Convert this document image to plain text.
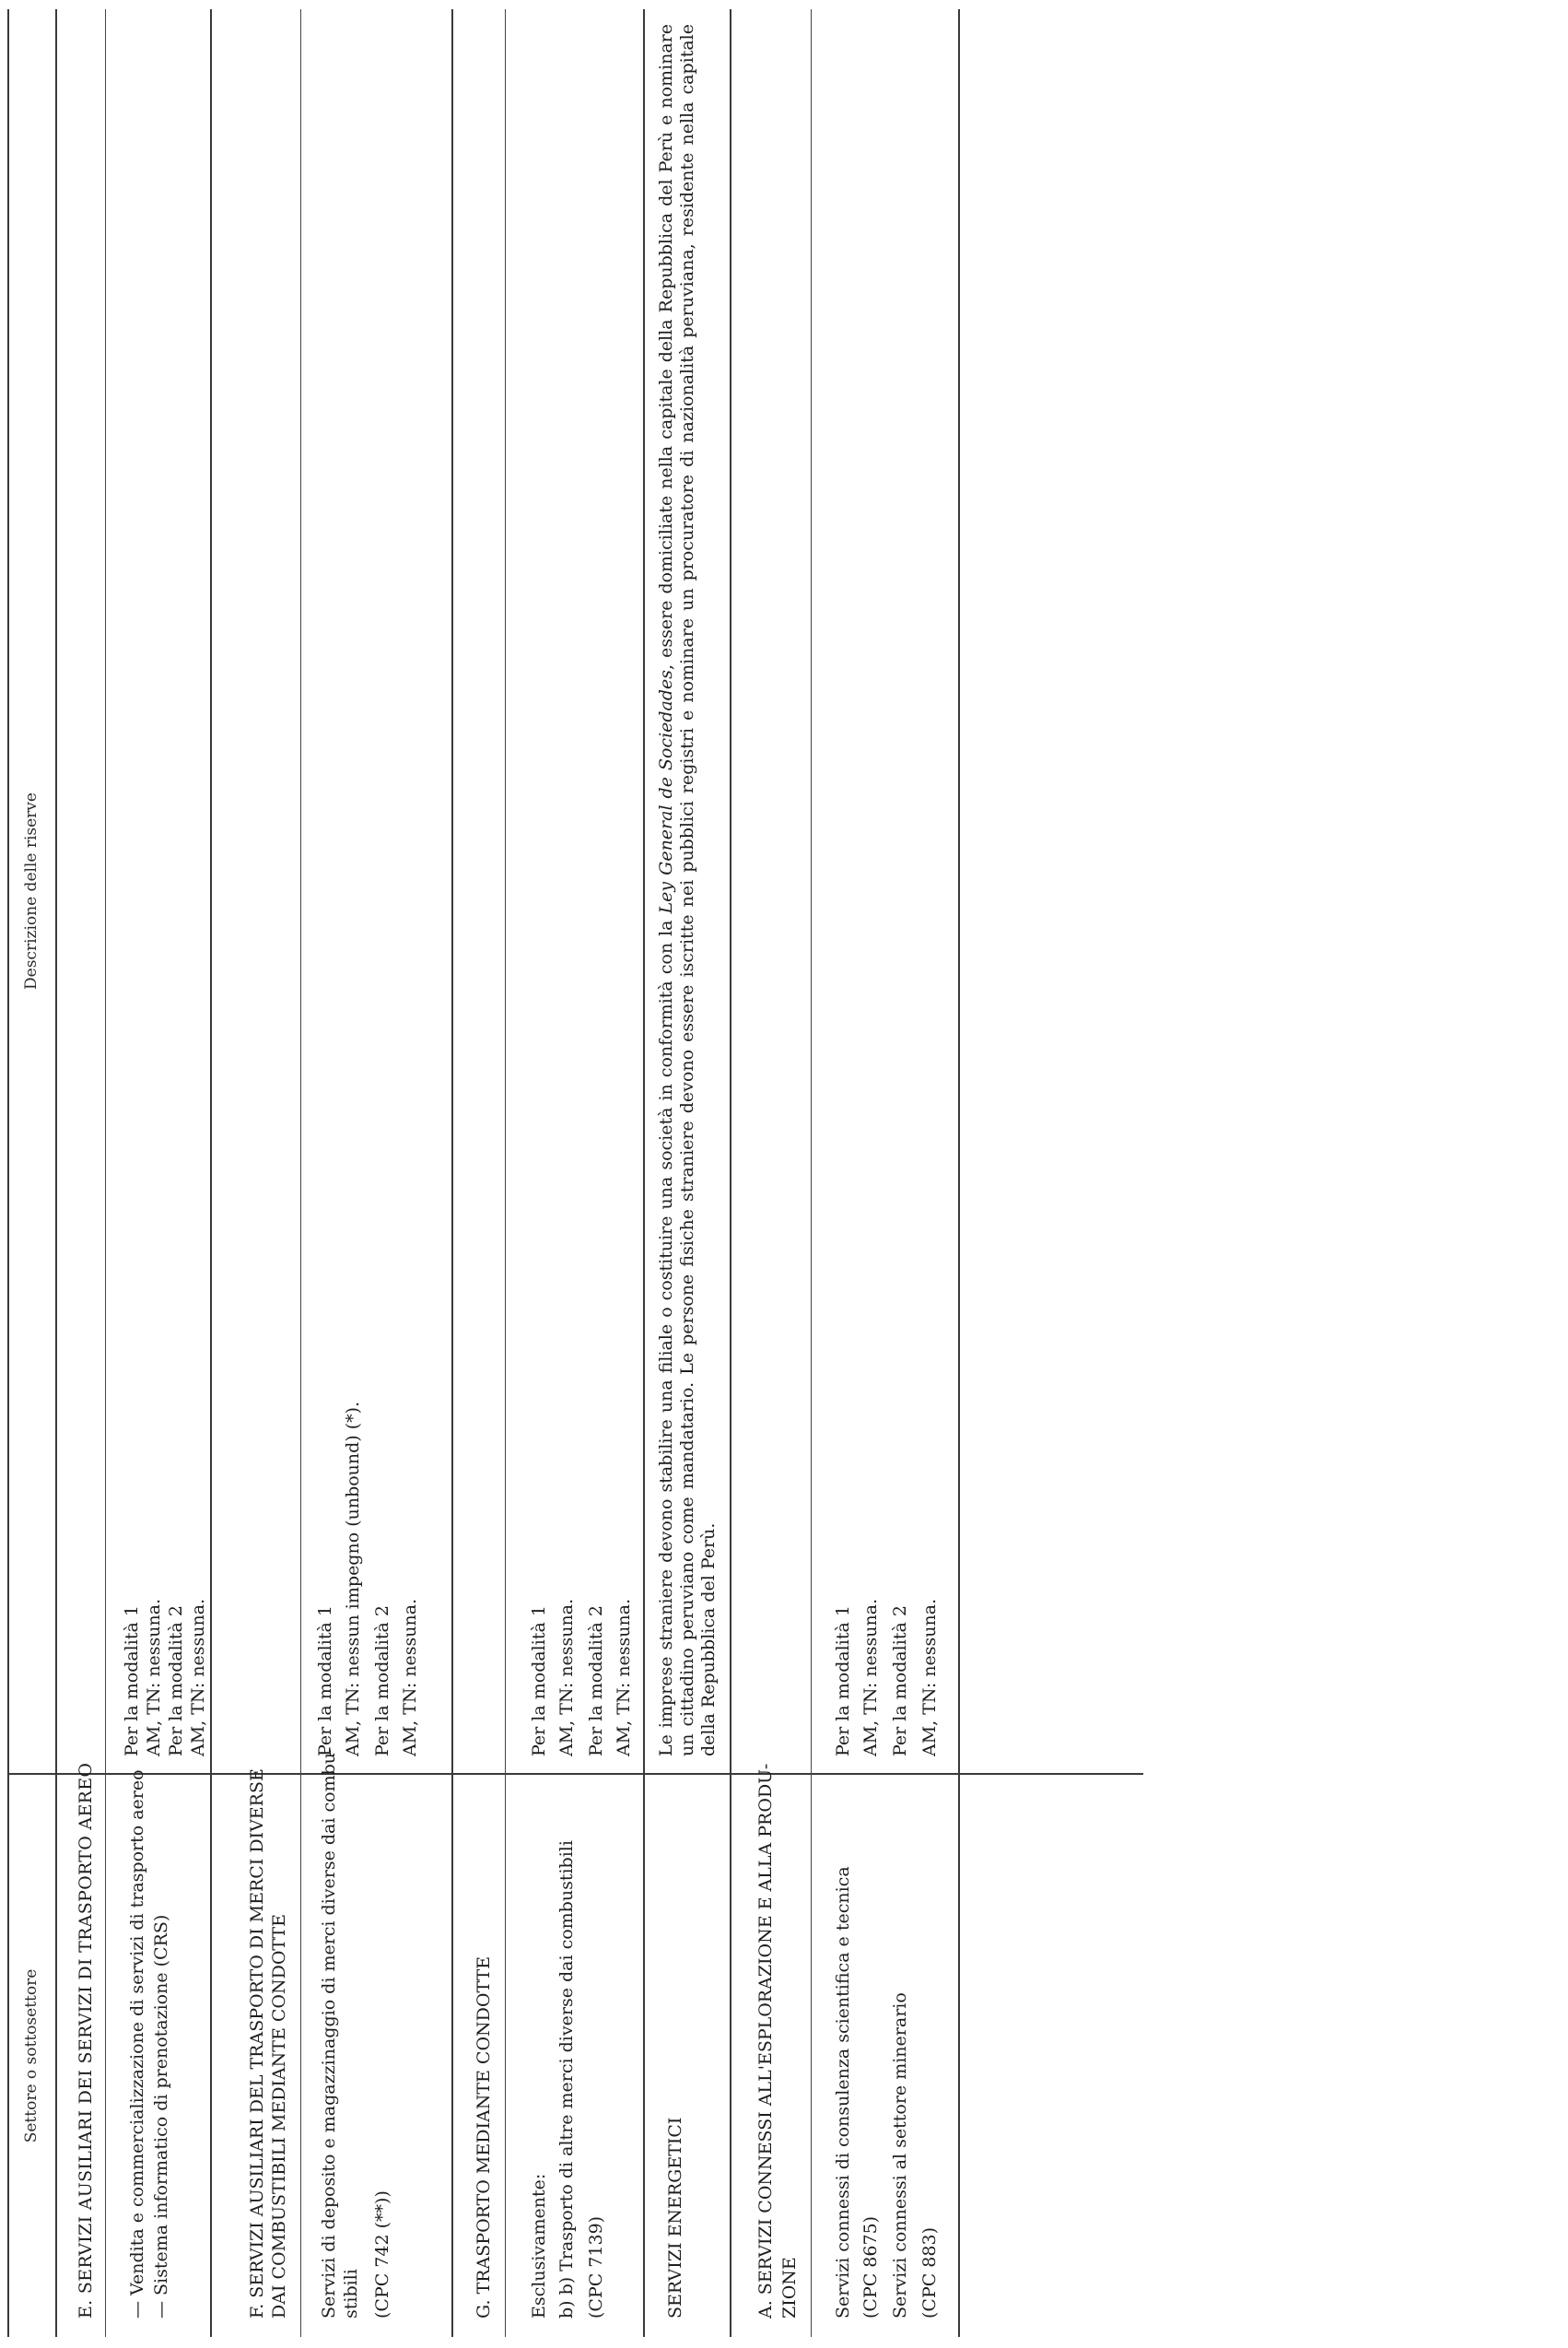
Settore o sottosettore
Descrizione delle riserve
E. SERVIZI AUSILIARI DEI SERVIZI DI TRASPORTO AEREO — Vendita e commercializzazione di servizi di trasporto aereo — Sistema informatico di prenotazione (CRS)
Per la modalità 1 AM, TN: nessuna. Per la modalità 2 AM, TN: nessuna.
F. SERVIZI AUSILIARI DEL TRASPORTO DI MERCI DIVERSE DAI COMBUSTIBILI MEDIANTE CONDOTTE Servizi di deposito e magazzinaggio di merci diverse dai combu- stibili (CPC 742 (**))
Per la modalità 1 AM, TN: nessun impegno (unbound) (*). Per la modalità 2 AM, TN: nessuna.
G. TRASPORTO MEDIANTE CONDOTTE Esclusivamente: b) b) Trasporto di altre merci diverse dai combustibili (CPC 7139)
Per la modalità 1 AM, TN: nessuna. Per la modalità 2 AM, TN: nessuna.
SERVIZI ENERGETICI
Le imprese straniere devono stabilire una filiale o costituire una società in conformità con la Ley General de Sociedades, essere domiciliate nella capitale della Repubblica del Perù e nominare un cittadino peruviano come mandatario. Le persone fisiche straniere devono essere iscritte nei pubblici registri e nominare un procuratore di nazionalità peruviana, residente nella capitale della Repubblica del Perù.
A. SERVIZI CONNESSI ALL'ESPLORAZIONE E ALLA PRODU- ZIONE Servizi connessi di consulenza scientifica e tecnica (CPC 8675) Servizi connessi al settore minerario (CPC 883)
Per la modalità 1 AM, TN: nessuna. Per la modalità 2 AM, TN: nessuna.
